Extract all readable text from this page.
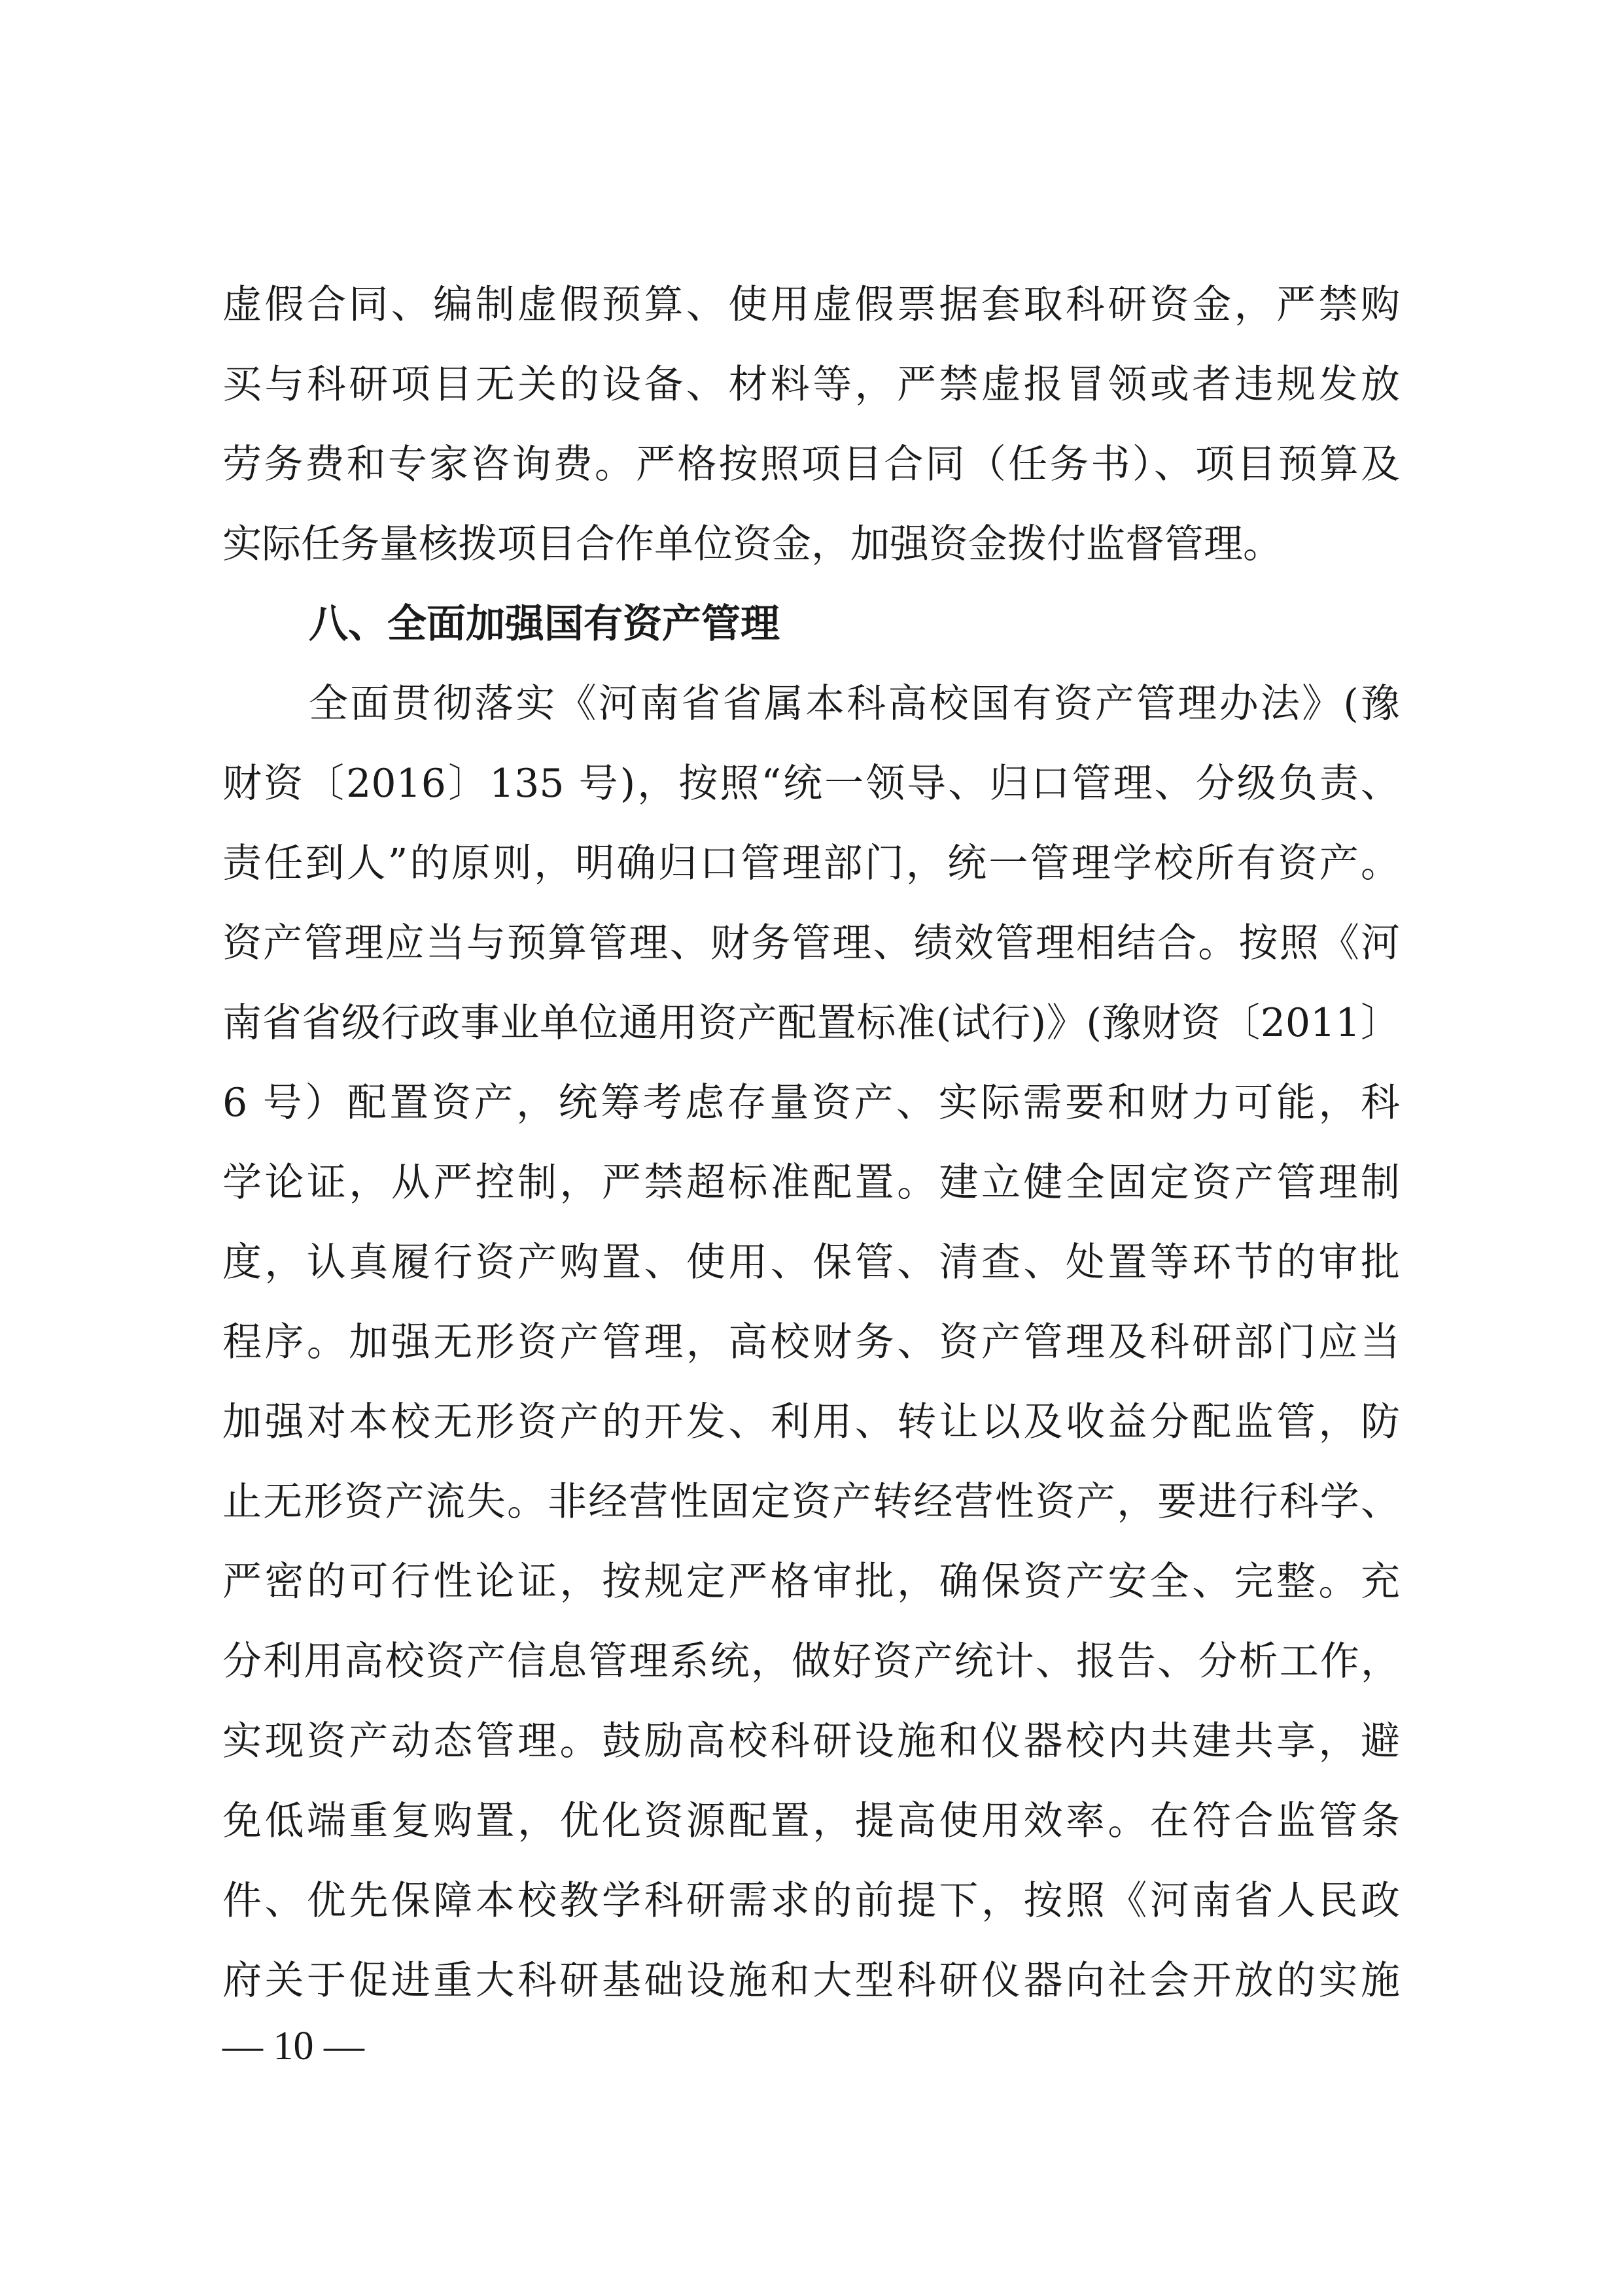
虚假合同、编制虚假预算、使用虚假票据套取科研资金，严禁购
买与科研项目无关的设备、材料等，严禁虚报冒领或者违规发放
劳务费和专家咨询费。严格按照项目合同（任务书）、项目预算及
实际任务量核拨项目合作单位资金，加强资金拨付监督管理。
八、全面加强国有资产管理
全面贯彻落实《河南省省属本科高校国有资产管理办法》(豫
财资〔2016〕135 号)，按照“统一领导、归口管理、分级负责、
责任到人”的原则，明确归口管理部门，统一管理学校所有资产。
资产管理应当与预算管理、财务管理、绩效管理相结合。按照《河
南省省级行政事业单位通用资产配置标准(试行)》(豫财资〔2011〕
6 号）配置资产，统筹考虑存量资产、实际需要和财力可能，科
学论证，从严控制，严禁超标准配置。建立健全固定资产管理制
度，认真履行资产购置、使用、保管、清查、处置等环节的审批
程序。加强无形资产管理，高校财务、资产管理及科研部门应当
加强对本校无形资产的开发、利用、转让以及收益分配监管，防
止无形资产流失。非经营性固定资产转经营性资产，要进行科学、
严密的可行性论证，按规定严格审批，确保资产安全、完整。充
分利用高校资产信息管理系统，做好资产统计、报告、分析工作，
实现资产动态管理。鼓励高校科研设施和仪器校内共建共享，避
免低端重复购置，优化资源配置，提高使用效率。在符合监管条
件、优先保障本校教学科研需求的前提下，按照《河南省人民政
府关于促进重大科研基础设施和大型科研仪器向社会开放的实施
— 10 —
